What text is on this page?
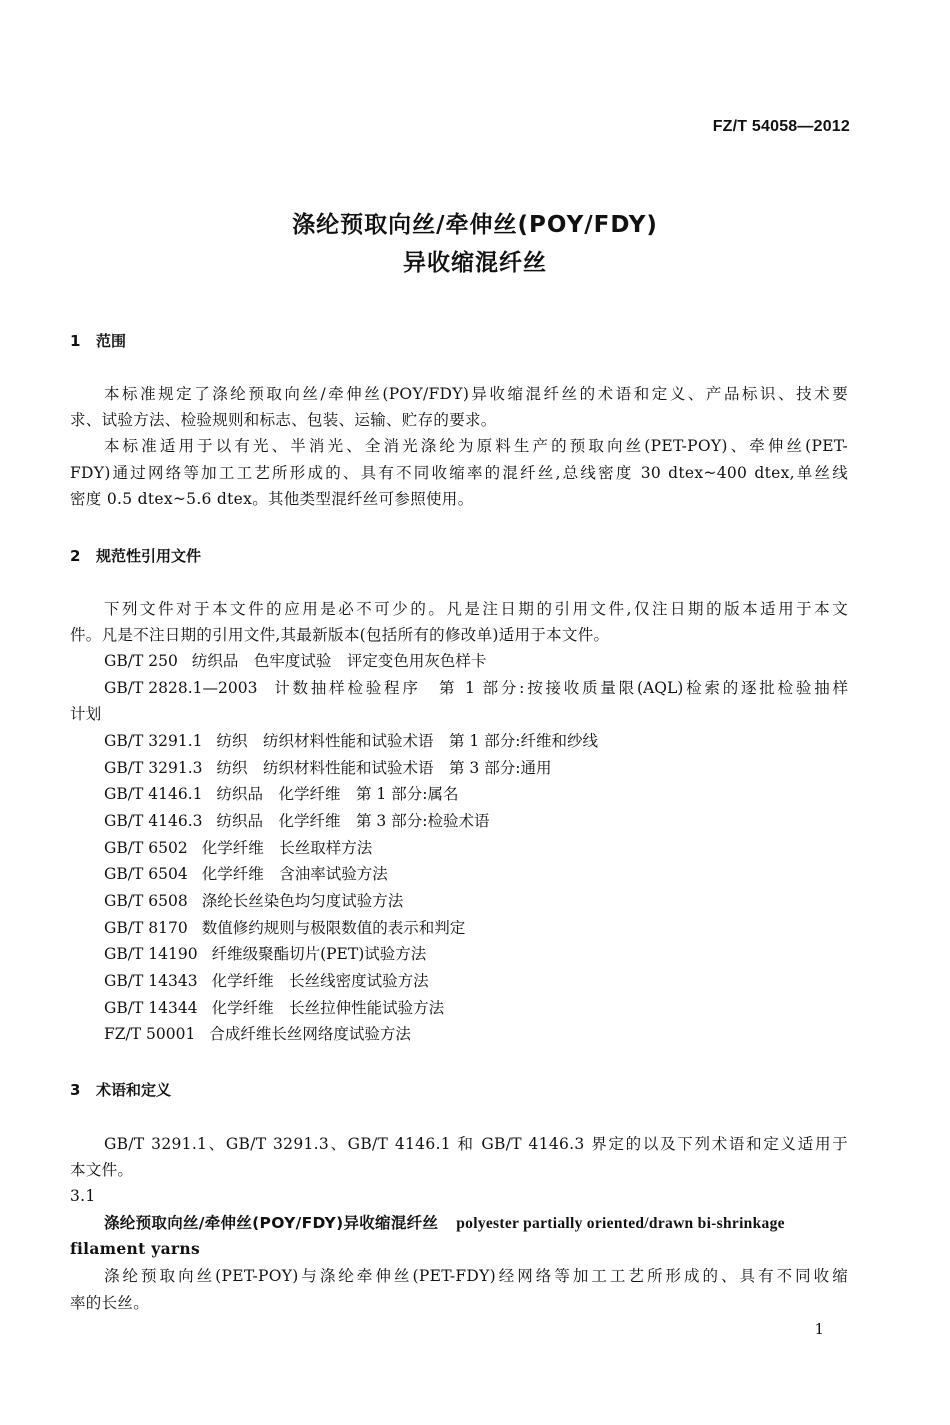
FZ/T 54058—2012
涤纶预取向丝/牵伸丝(POY/FDY)
异收缩混纤丝
1 范围
本标准规定了涤纶预取向丝/牵伸丝(POY/FDY)异收缩混纤丝的术语和定义、产品标识、技术要
求、试验方法、检验规则和标志、包装、运输、贮存的要求。
本标准适用于以有光、半消光、全消光涤纶为原料生产的预取向丝(PET-POY)、牵伸丝(PET-
FDY)通过网络等加工工艺所形成的、具有不同收缩率的混纤丝,总线密度 30 dtex~400 dtex,单丝线
密度 0.5 dtex~5.6 dtex。其他类型混纤丝可参照使用。
2 规范性引用文件
下列文件对于本文件的应用是必不可少的。凡是注日期的引用文件,仅注日期的版本适用于本文
件。凡是不注日期的引用文件,其最新版本(包括所有的修改单)适用于本文件。
GB/T 250 纺织品　色牢度试验　评定变色用灰色样卡
GB/T 2828.1—2003 计数抽样检验程序　第 1 部分:按接收质量限(AQL)检索的逐批检验抽样
计划
GB/T 3291.1 纺织　纺织材料性能和试验术语　第 1 部分:纤维和纱线
GB/T 3291.3 纺织　纺织材料性能和试验术语　第 3 部分:通用
GB/T 4146.1 纺织品　化学纤维　第 1 部分:属名
GB/T 4146.3 纺织品　化学纤维　第 3 部分:检验术语
GB/T 6502 化学纤维　长丝取样方法
GB/T 6504 化学纤维　含油率试验方法
GB/T 6508 涤纶长丝染色均匀度试验方法
GB/T 8170 数值修约规则与极限数值的表示和判定
GB/T 14190 纤维级聚酯切片(PET)试验方法
GB/T 14343 化学纤维　长丝线密度试验方法
GB/T 14344 化学纤维　长丝拉伸性能试验方法
FZ/T 50001 合成纤维长丝网络度试验方法
3 术语和定义
GB/T 3291.1、GB/T 3291.3、GB/T 4146.1 和 GB/T 4146.3 界定的以及下列术语和定义适用于
本文件。
3.1
涤纶预取向丝/牵伸丝(POY/FDY)异收缩混纤丝 polyester partially oriented/drawn bi-shrinkage
filament yarns
涤纶预取向丝(PET-POY)与涤纶牵伸丝(PET-FDY)经网络等加工工艺所形成的、具有不同收缩
率的长丝。
1
